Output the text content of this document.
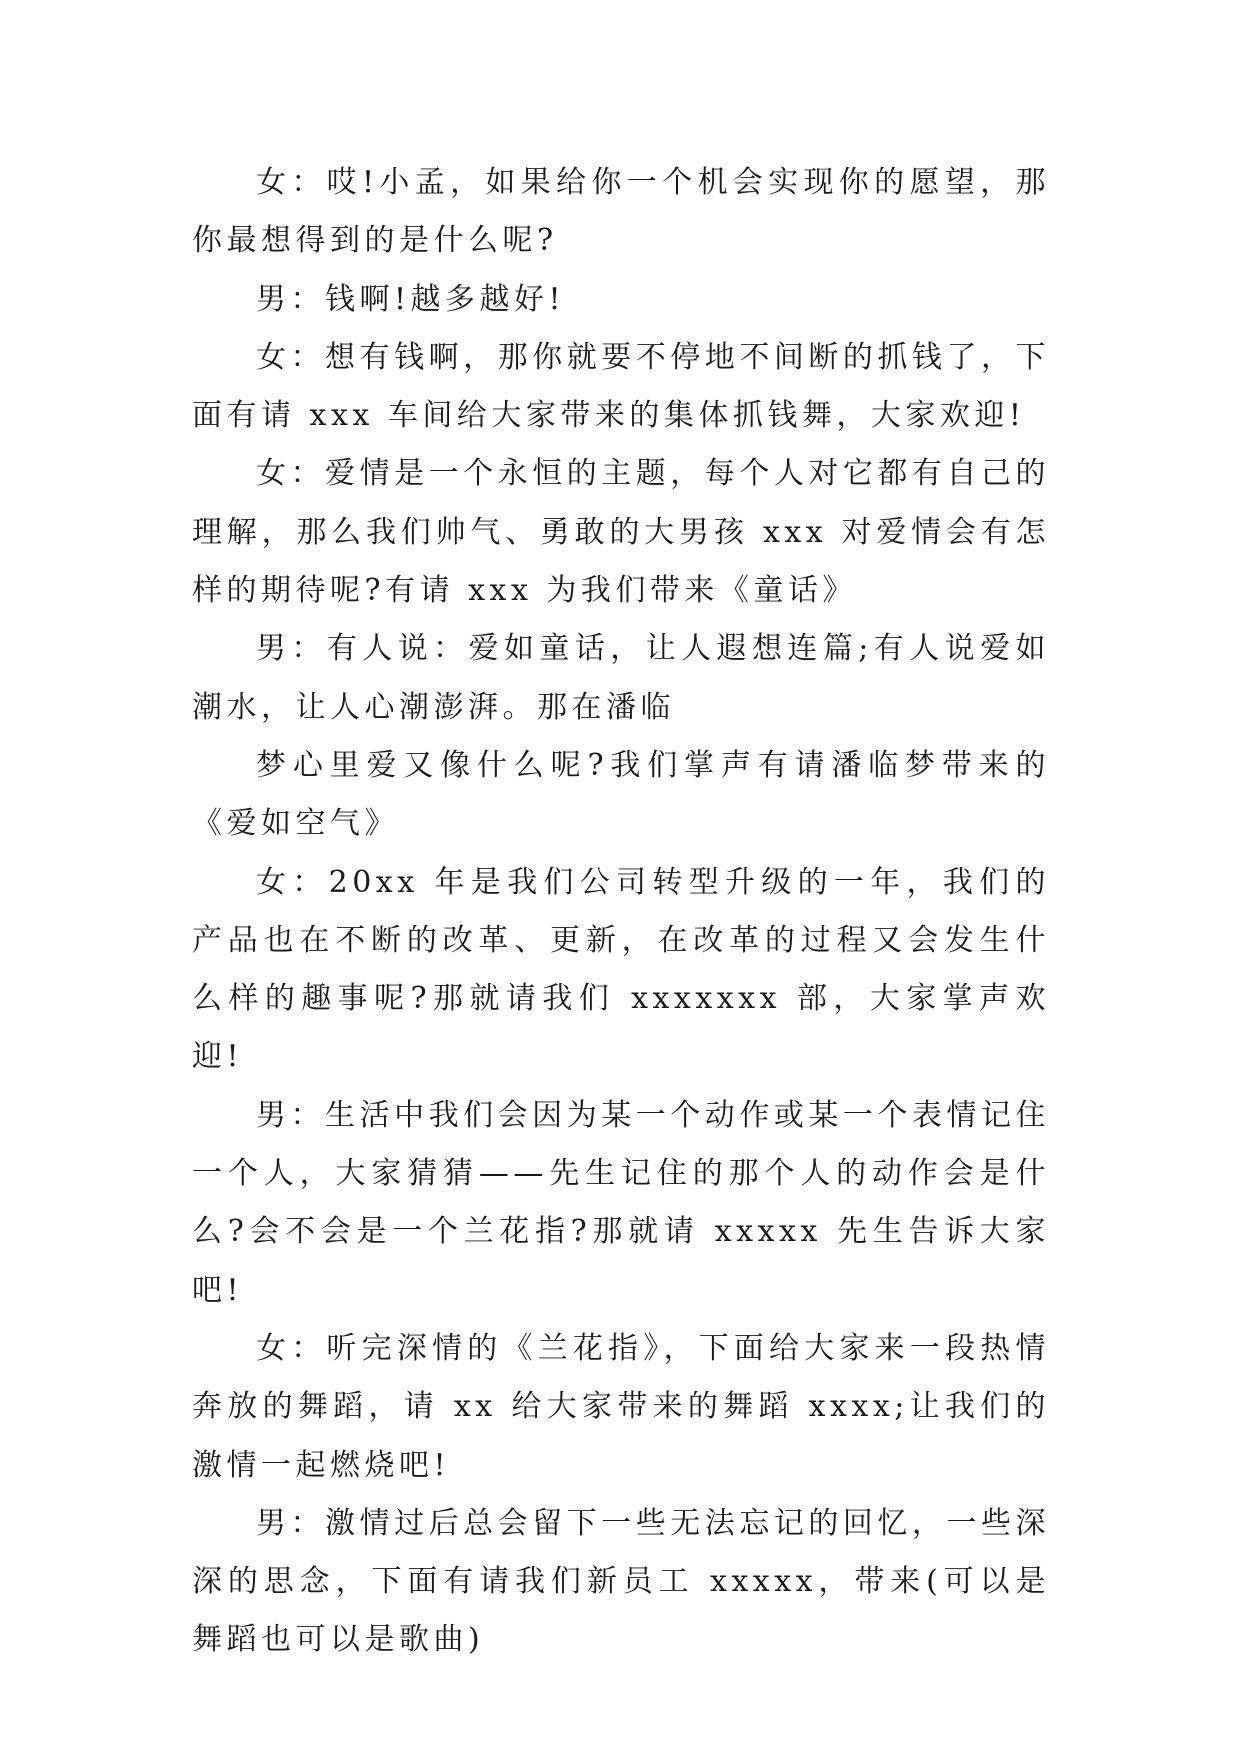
女：哎!小孟，如果给你一个机会实现你的愿望，那你最想得到的是什么呢?

男：钱啊!越多越好!

女：想有钱啊，那你就要不停地不间断的抓钱了，下面有请 xxx 车间给大家带来的集体抓钱舞，大家欢迎!

女：爱情是一个永恒的主题，每个人对它都有自己的理解，那么我们帅气、勇敢的大男孩 xxx 对爱情会有怎样的期待呢?有请 xxx 为我们带来《童话》

男：有人说：爱如童话，让人遐想连篇;有人说爱如潮水，让人心潮澎湃。那在潘临

梦心里爱又像什么呢?我们掌声有请潘临梦带来的《爱如空气》

女：20xx 年是我们公司转型升级的一年，我们的产品也在不断的改革、更新，在改革的过程又会发生什么样的趣事呢?那就请我们 xxxxxxx 部，大家掌声欢迎!

男：生活中我们会因为某一个动作或某一个表情记住一个人，大家猜猜——先生记住的那个人的动作会是什么?会不会是一个兰花指?那就请 xxxxx 先生告诉大家吧!

女：听完深情的《兰花指》，下面给大家来一段热情奔放的舞蹈，请 xx 给大家带来的舞蹈 xxxx;让我们的激情一起燃烧吧!

男：激情过后总会留下一些无法忘记的回忆，一些深深的思念，下面有请我们新员工 xxxxx，带来(可以是舞蹈也可以是歌曲)
